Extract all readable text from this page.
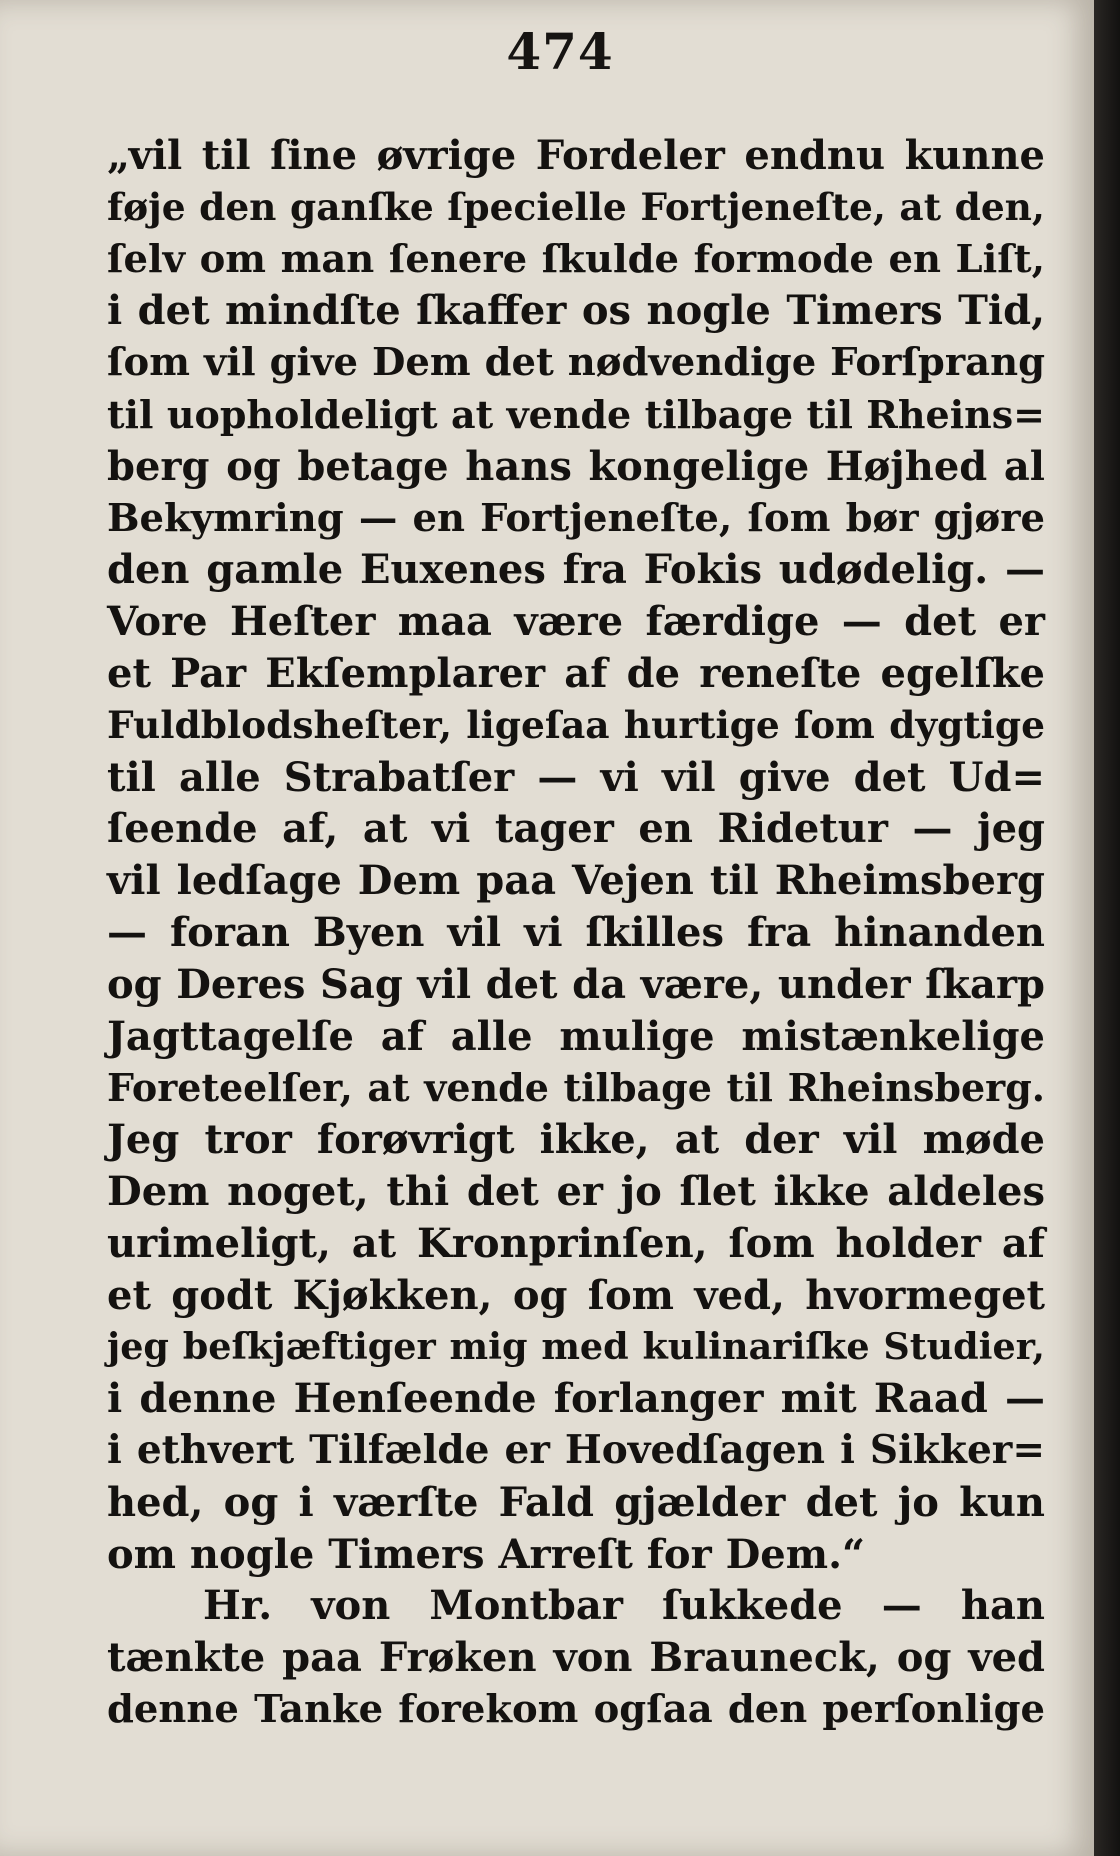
474
„vil til ſine øvrige Fordeler endnu kunne
føje den ganſke ſpecielle Fortjeneſte, at den,
ſelv om man ſenere ſkulde formode en Liſt,
i det mindſte ſkaffer os nogle Timers Tid,
ſom vil give Dem det nødvendige Forſprang
til uopholdeligt at vende tilbage til Rheins=
berg og betage hans kongelige Højhed al
Bekymring — en Fortjeneſte, ſom bør gjøre
den gamle Euxenes fra Fokis udødelig. —
Vore Heſter maa være færdige — det er
et Par Ekſemplarer af de reneſte egelſke
Fuldblodsheſter, ligeſaa hurtige ſom dygtige
til alle Strabatſer — vi vil give det Ud=
ſeende af, at vi tager en Ridetur — jeg
vil ledſage Dem paa Vejen til Rheimsberg
— foran Byen vil vi ſkilles fra hinanden
og Deres Sag vil det da være, under ſkarp
Jagttagelſe af alle mulige mistænkelige
Foreteelſer, at vende tilbage til Rheinsberg.
Jeg tror forøvrigt ikke, at der vil møde
Dem noget, thi det er jo ſlet ikke aldeles
urimeligt, at Kronprinſen, ſom holder af
et godt Kjøkken, og ſom ved, hvormeget
jeg beſkjæftiger mig med kulinariſke Studier,
i denne Henſeende forlanger mit Raad —
i ethvert Tilfælde er Hovedſagen i Sikker=
hed, og i værſte Fald gjælder det jo kun
om nogle Timers Arreſt for Dem.“
Hr. von Montbar ſukkede — han
tænkte paa Frøken von Brauneck, og ved
denne Tanke forekom ogſaa den perſonlige
